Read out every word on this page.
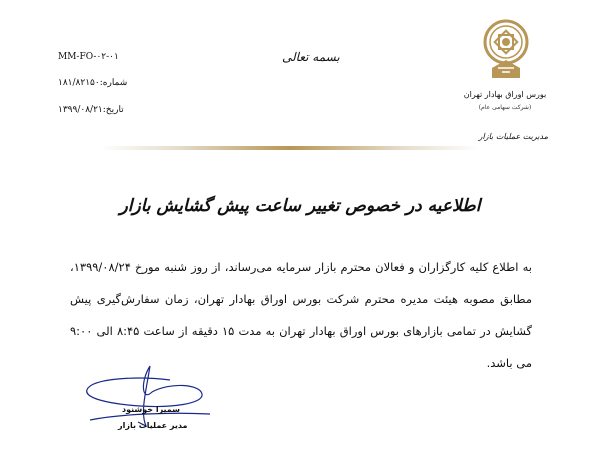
بورس اوراق بهادار تهران
(شرکت سهامی عام)
مدیریت عملیات بازار
بسمه تعالی
MM-FO-۰۲-۰۱
شماره:۱۸۱/۸۲۱۵۰
تاریخ:۱۳۹۹/۰۸/۲۱
اطلاعیه در خصوص تغییر ساعت پیش گشایش بازار
به اطلاع کلیه کارگزاران و فعالان محترم بازار سرمایه می‌رساند، از روز شنبه مورخ ۱۳۹۹/۰۸/۲۴، مطابق مصوبه هیئت مدیره محترم شرکت بورس اوراق بهادار تهران، زمان سفارش‌گیری پیش گشایش در تمامی بازارهای بورس اوراق بهادار تهران به مدت ۱۵ دقیقه از ساعت ۸:۴۵ الی ۹:۰۰ می باشد.
سمیرا خوشنود
مدیر عملیات بازار
